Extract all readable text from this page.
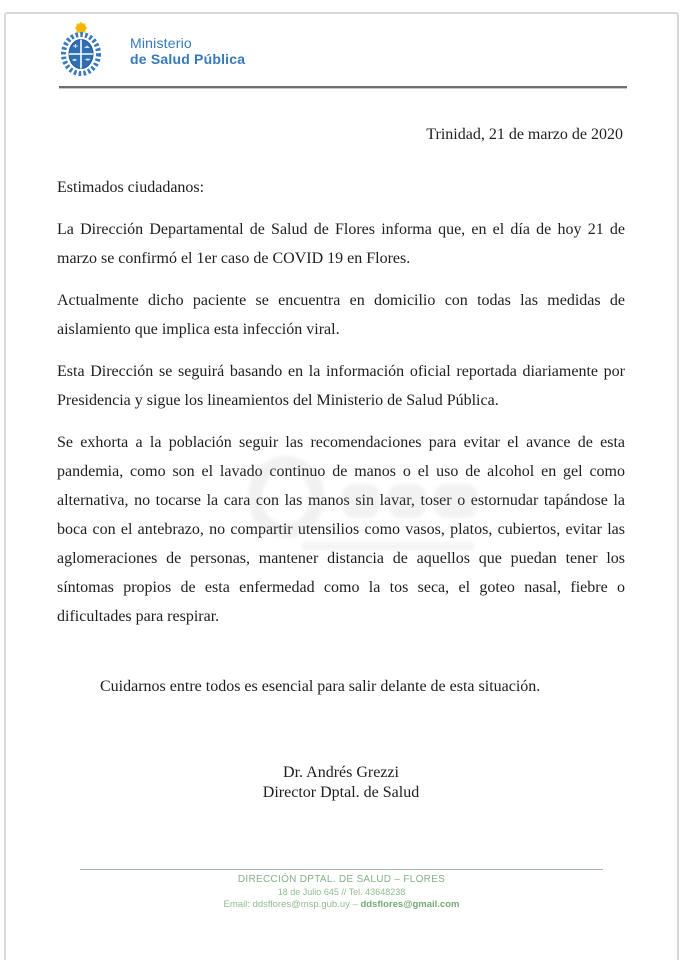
Ministerio
de Salud Pública

Trinidad, 21 de marzo de 2020

Estimados ciudadanos:

La Dirección Departamental de Salud de Flores informa que, en el día de hoy 21 de marzo se confirmó el 1er caso de COVID 19 en Flores.

Actualmente dicho paciente se encuentra en domicilio con todas las medidas de aislamiento que implica esta infección viral.

Esta Dirección se seguirá basando en la información oficial reportada diariamente por Presidencia y sigue los lineamientos del Ministerio de Salud Pública.

Se exhorta a la población seguir las recomendaciones para evitar el avance de esta pandemia, como son el lavado continuo de manos o el uso de alcohol en gel como alternativa, no tocarse la cara con las manos sin lavar, toser o estornudar tapándose la boca con el antebrazo, no compartir utensilios como vasos, platos, cubiertos, evitar las aglomeraciones de personas, mantener distancia de aquellos que puedan tener los síntomas propios de esta enfermedad como la tos seca, el goteo nasal, fiebre o dificultades para respirar.

Cuidarnos entre todos es esencial para salir delante de esta situación.

Dr. Andrés Grezzi
Director Dptal. de Salud
DIRECCIÓN DPTAL. DE SALUD – FLORES
18 de Julio 645 // Tel. 43648238
Email: ddsflores@msp.gub.uy – ddsflores@gmail.com
